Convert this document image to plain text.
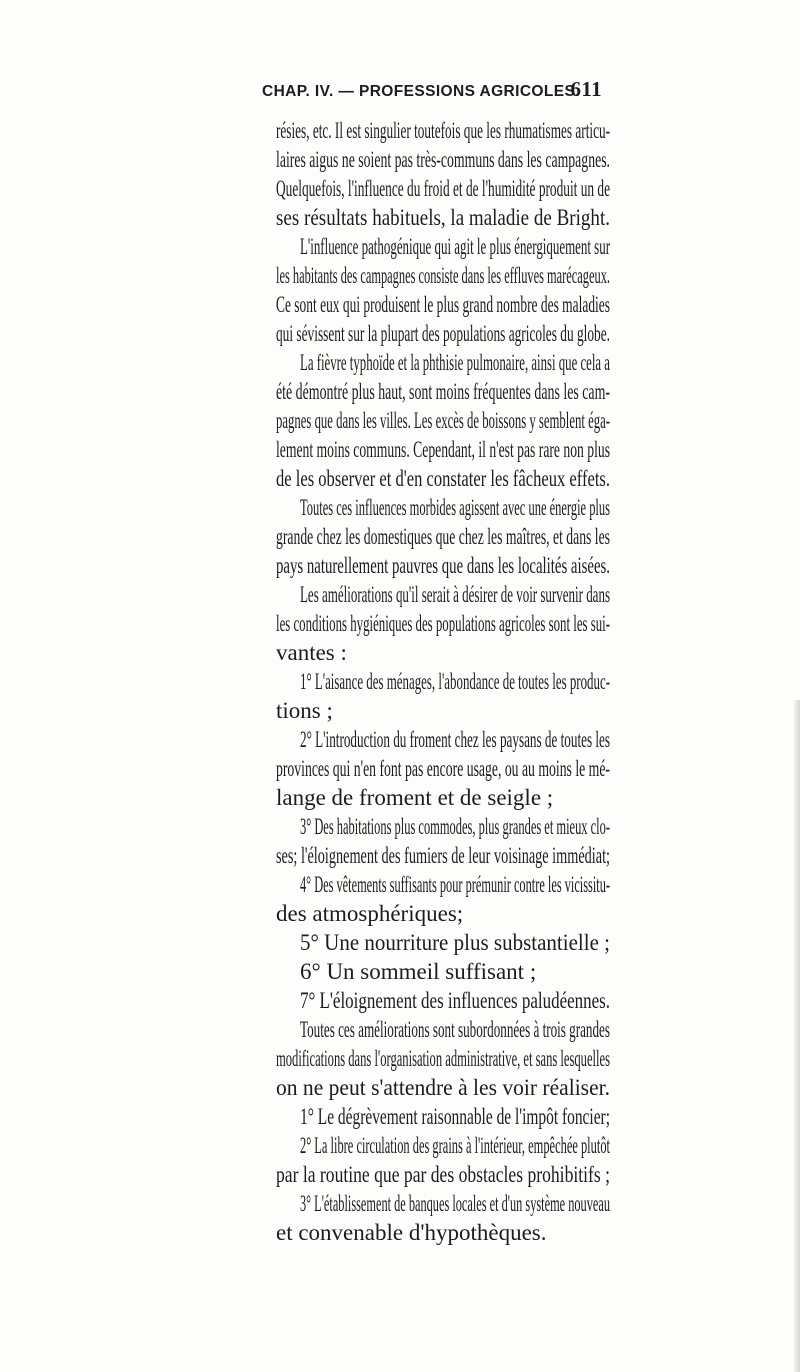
CHAP. IV. — PROFESSIONS AGRICOLES.
611
résies, etc. Il est singulier toutefois que les rhumatismes articu-
laires aigus ne soient pas très-communs dans les campagnes.
Quelquefois, l'influence du froid et de l'humidité produit un de
ses résultats habituels, la maladie de Bright.
L'influence pathogénique qui agit le plus énergiquement sur
les habitants des campagnes consiste dans les effluves marécageux.
Ce sont eux qui produisent le plus grand nombre des maladies
qui sévissent sur la plupart des populations agricoles du globe.
La fièvre typhoïde et la phthisie pulmonaire, ainsi que cela a
été démontré plus haut, sont moins fréquentes dans les cam-
pagnes que dans les villes. Les excès de boissons y semblent éga-
lement moins communs. Cependant, il n'est pas rare non plus
de les observer et d'en constater les fâcheux effets.
Toutes ces influences morbides agissent avec une énergie plus
grande chez les domestiques que chez les maîtres, et dans les
pays naturellement pauvres que dans les localités aisées.
Les améliorations qu'il serait à désirer de voir survenir dans
les conditions hygiéniques des populations agricoles sont les sui-
vantes :
1° L'aisance des ménages, l'abondance de toutes les produc-
tions ;
2° L'introduction du froment chez les paysans de toutes les
provinces qui n'en font pas encore usage, ou au moins le mé-
lange de froment et de seigle ;
3° Des habitations plus commodes, plus grandes et mieux clo-
ses; l'éloignement des fumiers de leur voisinage immédiat;
4° Des vêtements suffisants pour prémunir contre les vicissitu-
des atmosphériques;
5° Une nourriture plus substantielle ;
6° Un sommeil suffisant ;
7° L'éloignement des influences paludéennes.
Toutes ces améliorations sont subordonnées à trois grandes
modifications dans l'organisation administrative, et sans lesquelles
on ne peut s'attendre à les voir réaliser.
1° Le dégrèvement raisonnable de l'impôt foncier;
2° La libre circulation des grains à l'intérieur, empêchée plutôt
par la routine que par des obstacles prohibitifs ;
3° L'établissement de banques locales et d'un système nouveau
et convenable d'hypothèques.
